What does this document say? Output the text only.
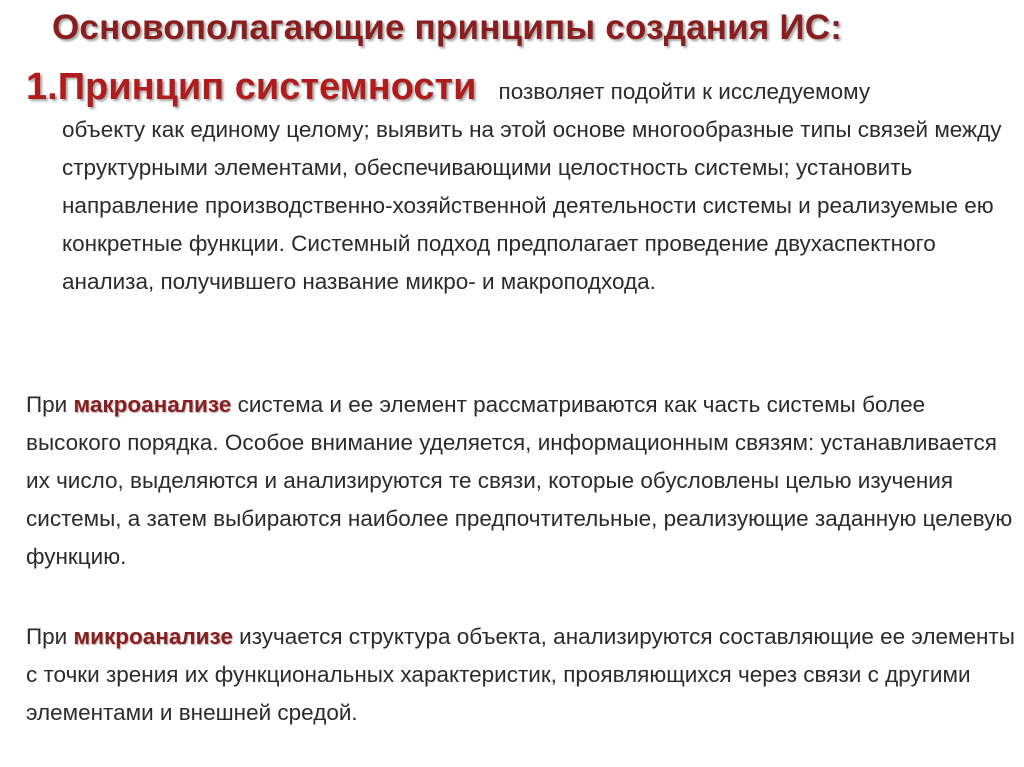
Основополагающие принципы создания ИС:
1.Принцип системности позволяет подойти к исследуемому

объекту как единому целому; выявить на этой основе многообразные типы связей между структурными элементами, обеспечивающими целостность системы; установить направление производственно-хозяйственной деятельности системы и реализуемые ею конкретные функции. Системный подход предполагает проведение двухаспектного анализа, получившего название микро- и макроподхода.

При макроанализе система и ее элемент рассматриваются как часть системы более высокого порядка. Особое внимание уделяется, информационным связям: устанавливается их число, выделяются и анализируются те связи, которые обусловлены целью изучения системы, а затем выбираются наиболее предпочтительные, реализующие заданную целевую функцию.

При микроанализе изучается структура объекта, анализируются составляющие ее элементы с точки зрения их функциональных характеристик, проявляющихся через связи с другими элементами и внешней средой.
